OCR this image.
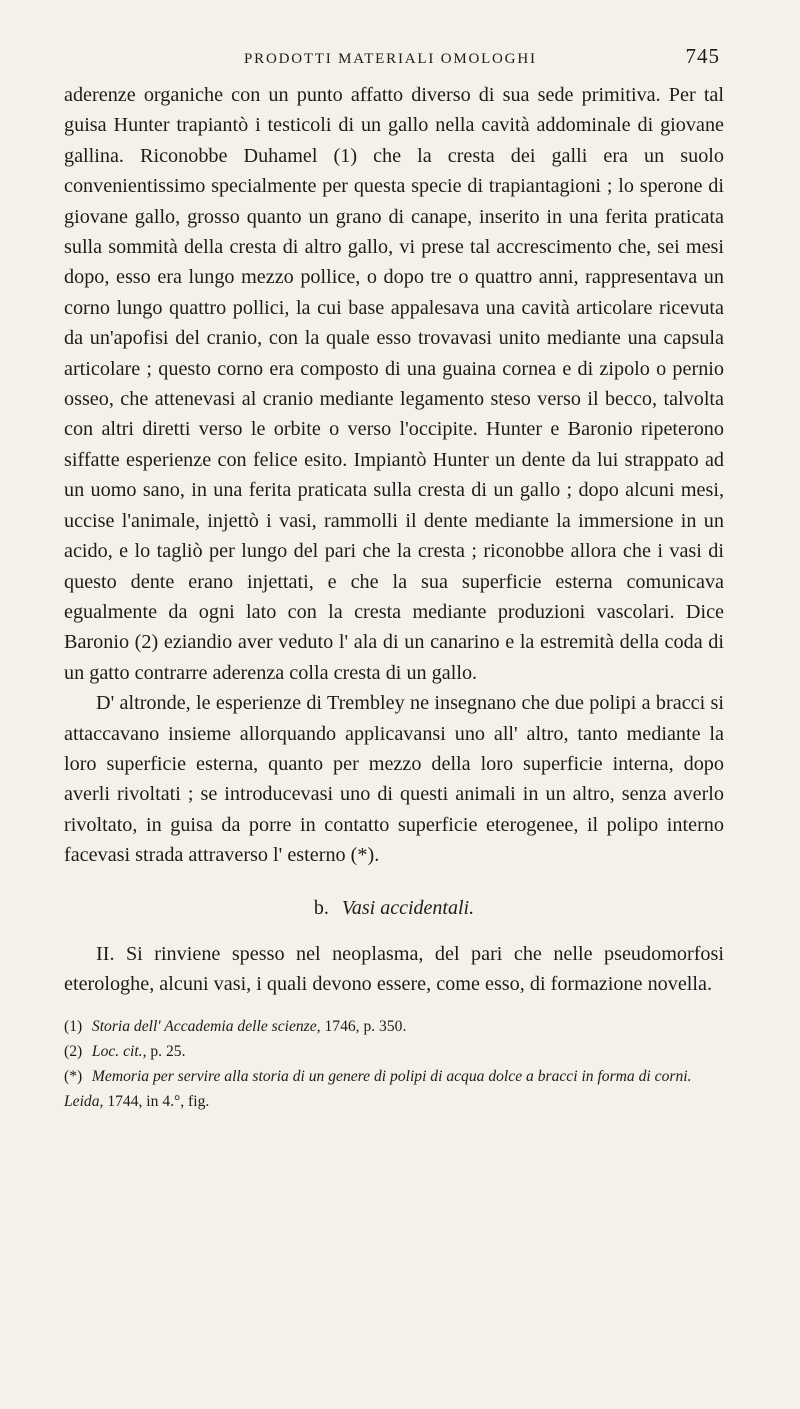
PRODOTTI MATERIALI OMOLOGHI	745

aderenze organiche con un punto affatto diverso di sua sede primitiva. Per tal guisa Hunter trapiantò i testicoli di un gallo nella cavità addominale di giovane gallina. Riconobbe Duhamel (1) che la cresta dei galli era un suolo convenientissimo specialmente per questa specie di trapiantagioni ; lo sperone di giovane gallo, grosso quanto un grano di canape, inserito in una ferita praticata sulla sommità della cresta di altro gallo, vi prese tal accrescimento che, sei mesi dopo, esso era lungo mezzo pollice, o dopo tre o quattro anni, rappresentava un corno lungo quattro pollici, la cui base appalesava una cavità articolare ricevuta da un'apofisi del cranio, con la quale esso trovavasi unito mediante una capsula articolare ; questo corno era composto di una guaina cornea e di zipolo o pernio osseo, che attenevasi al cranio mediante legamento steso verso il becco, talvolta con altri diretti verso le orbite o verso l'occipite. Hunter e Baronio ripeterono siffatte esperienze con felice esito. Impiantò Hunter un dente da lui strappato ad un uomo sano, in una ferita praticata sulla cresta di un gallo ; dopo alcuni mesi, uccise l'animale, injettò i vasi, rammolli il dente mediante la immersione in un acido, e lo tagliò per lungo del pari che la cresta ; riconobbe allora che i vasi di questo dente erano injettati, e che la sua superficie esterna comunicava egualmente da ogni lato con la cresta mediante produzioni vascolari. Dice Baronio (2) eziandio aver veduto l' ala di un canarino e la estremità della coda di un gatto contrarre aderenza colla cresta di un gallo.

D' altronde, le esperienze di Trembley ne insegnano che due polipi a bracci si attaccavano insieme allorquando applicavansi uno all' altro, tanto mediante la loro superficie esterna, quanto per mezzo della loro superficie interna, dopo averli rivoltati ; se introducevasi uno di questi animali in un altro, senza averlo rivoltato, in guisa da porre in contatto superficie eterogenee, il polipo interno facevasi strada attraverso l' esterno (*).

b. Vasi accidentali.

II. Si rinviene spesso nel neoplasma, del pari che nelle pseudomorfosi eterologhe, alcuni vasi, i quali devono essere, come esso, di formazione novella.

(1) Storia dell' Accademia delle scienze, 1746, p. 350.
(2) Loc. cit., p. 25.
(*) Memoria per servire alla storia di un genere di polipi di acqua dolce a bracci in forma di corni. Leida, 1744, in 4.°, fig.
